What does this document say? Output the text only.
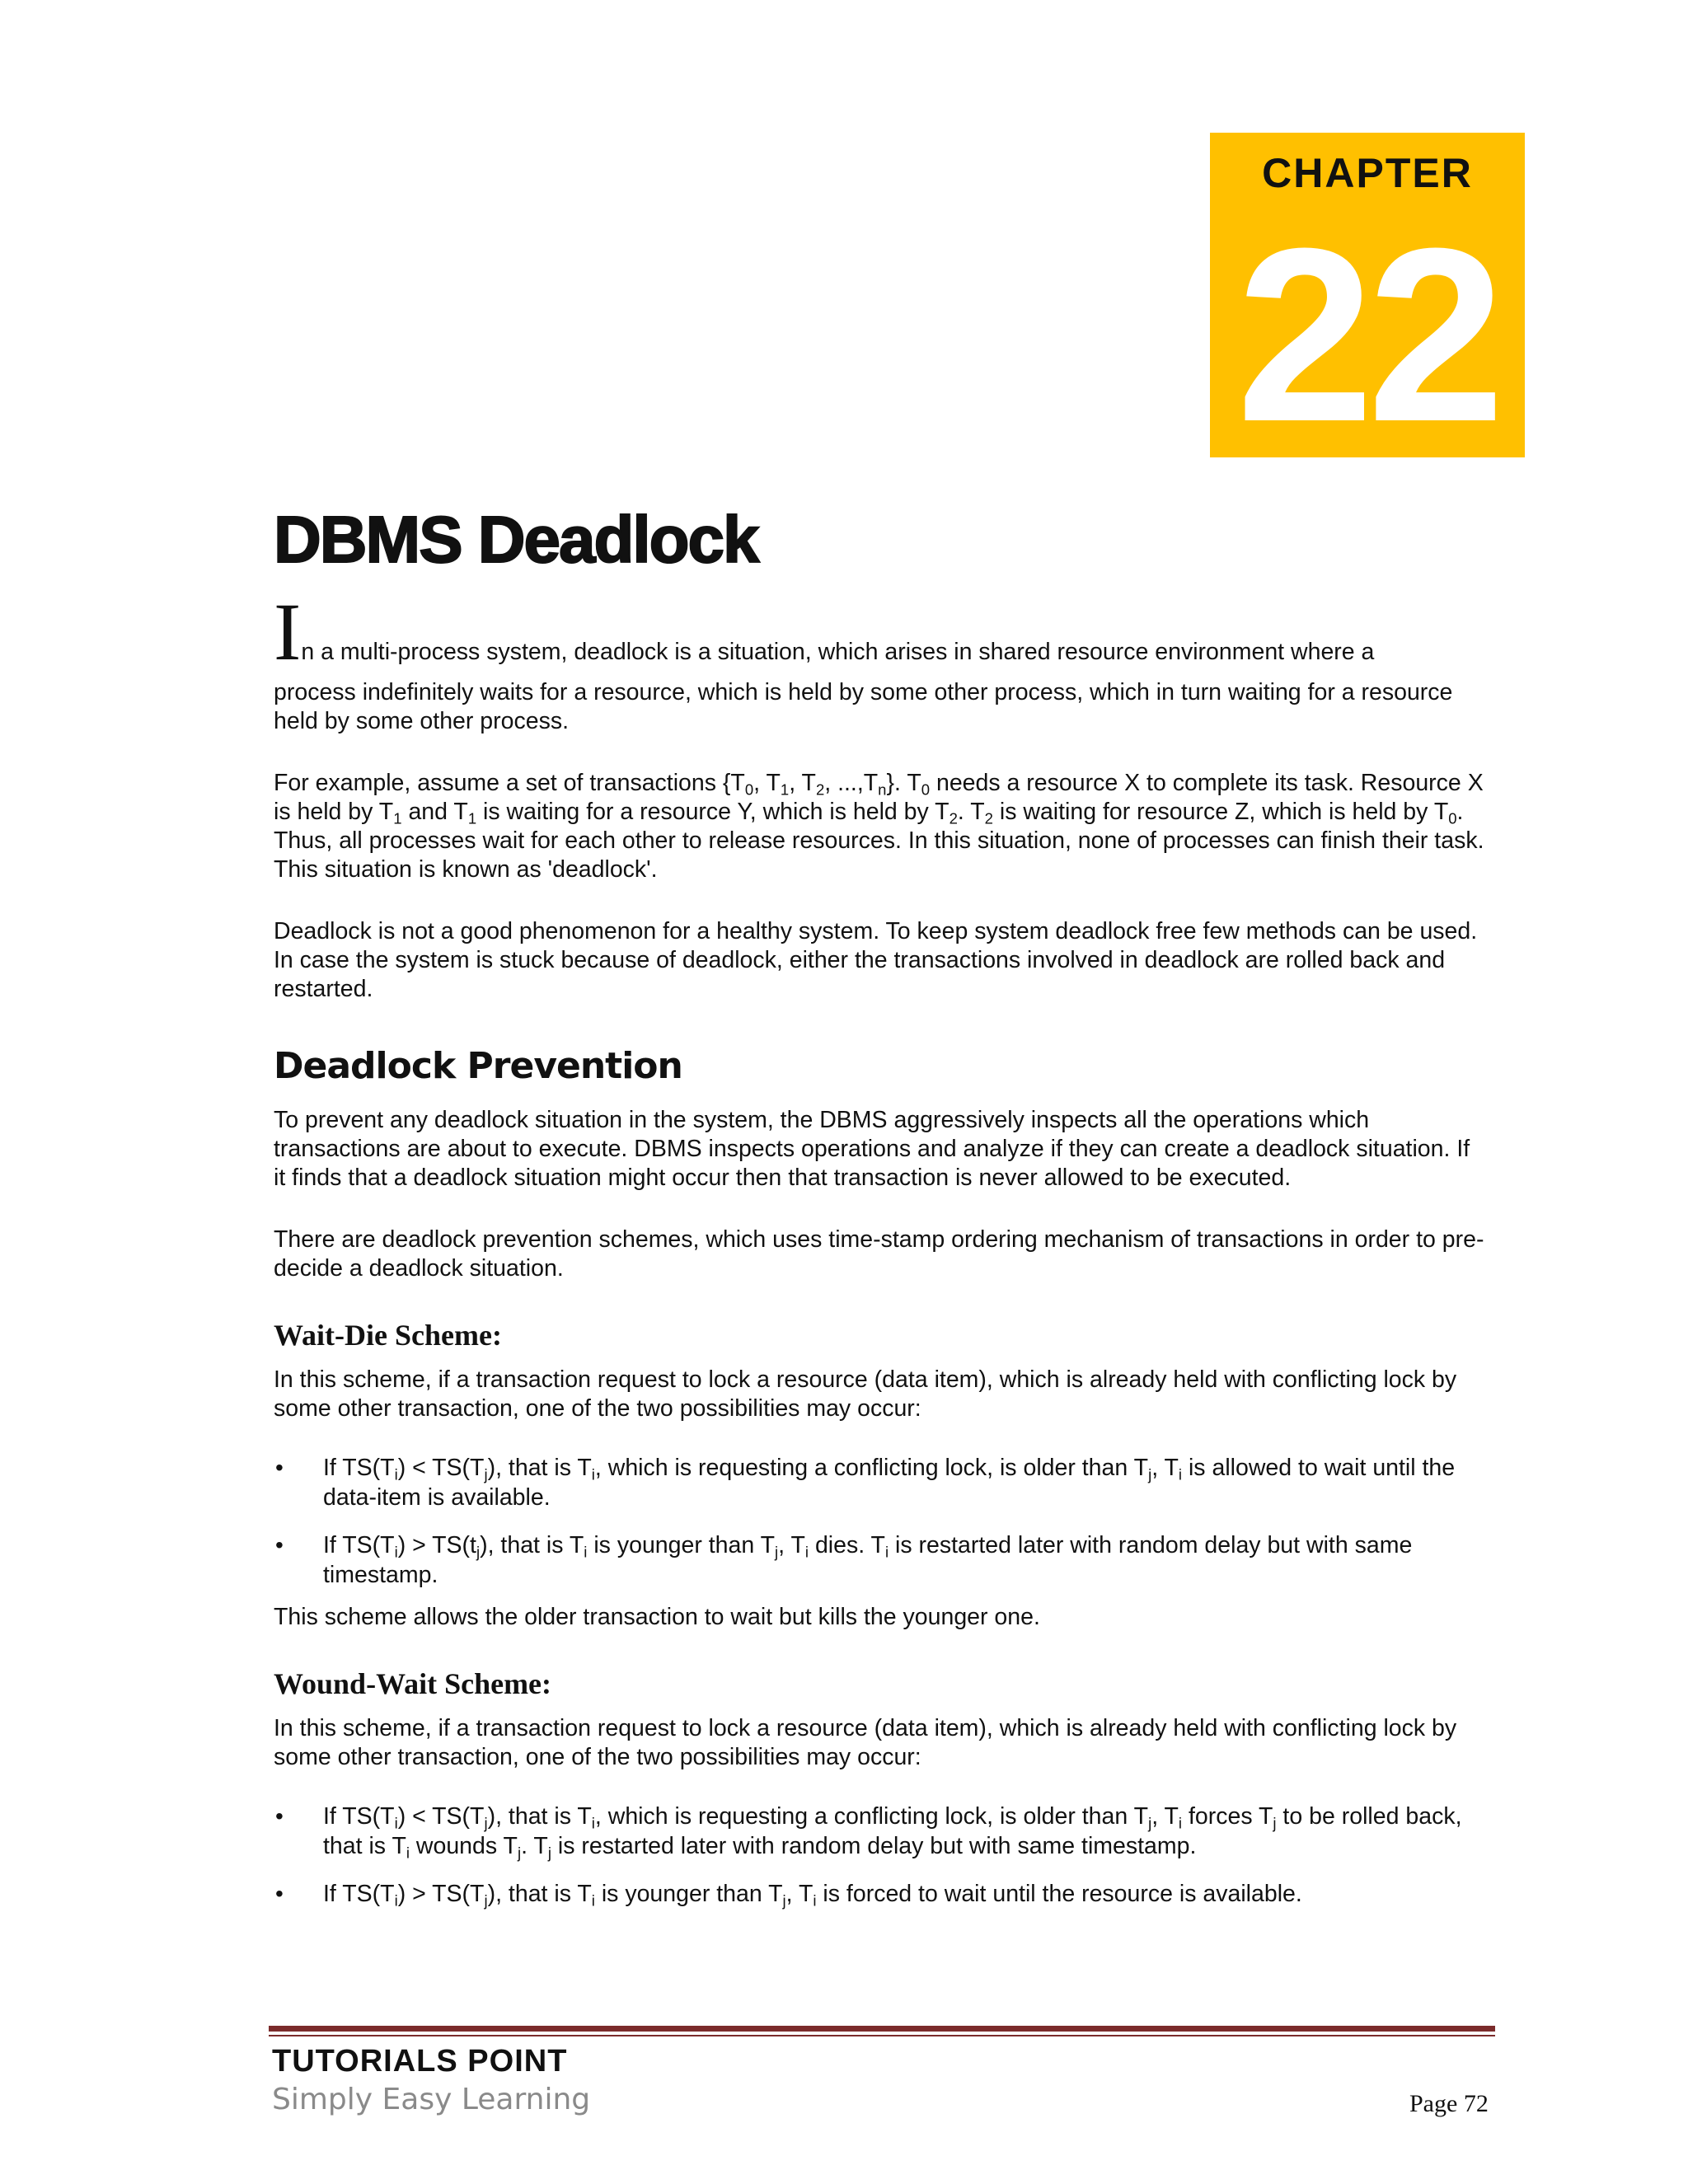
CHAPTER
22
DBMS Deadlock

In a multi-process system, deadlock is a situation, which arises in shared resource environment where a

process indefinitely waits for a resource, which is held by some other process, which in turn waiting for a resource held by some other process.

For example, assume a set of transactions {$T_0$, $T_1$, $T_2$, $...,T_n$}. $T_0$ needs a resource X to complete its task. Resource X is held by $T_1$ and $T_1$ is waiting for a resource Y, which is held by $T_2$. $T_2$ is waiting for resource Z, which is held by $T_0$. Thus, all processes wait for each other to release resources. In this situation, none of processes can finish their task. This situation is known as 'deadlock'.

Deadlock is not a good phenomenon for a healthy system. To keep system deadlock free few methods can be used. In case the system is stuck because of deadlock, either the transactions involved in deadlock are rolled back and restarted.

Deadlock Prevention

To prevent any deadlock situation in the system, the DBMS aggressively inspects all the operations which transactions are about to execute. DBMS inspects operations and analyze if they can create a deadlock situation. If it finds that a deadlock situation might occur then that transaction is never allowed to be executed.

There are deadlock prevention schemes, which uses time-stamp ordering mechanism of transactions in order to pre-decide a deadlock situation.

Wait-Die Scheme:

In this scheme, if a transaction request to lock a resource (data item), which is already held with conflicting lock by some other transaction, one of the two possibilities may occur:

• If $TS(T_i) < TS(T_j)$, that is $T_i$, which is requesting a conflicting lock, is older than $T_j$, $T_i$ is allowed to wait until the data-item is available.
• If $TS(T_i) > TS(t_j)$, that is $T_i$ is younger than $T_j$, $T_i$ dies. $T_i$ is restarted later with random delay but with same timestamp.

This scheme allows the older transaction to wait but kills the younger one.

Wound-Wait Scheme:

In this scheme, if a transaction request to lock a resource (data item), which is already held with conflicting lock by some other transaction, one of the two possibilities may occur:

• If $TS(T_i) < TS(T_j)$, that is $T_i$, which is requesting a conflicting lock, is older than $T_j$, $T_i$ forces $T_j$ to be rolled back, that is $T_i$ wounds $T_j$. $T_j$ is restarted later with random delay but with same timestamp.
• If $TS(T_i) > TS(T_j)$, that is $T_i$ is younger than $T_j$, $T_i$ is forced to wait until the resource is available.
TUTORIALS POINT
Simply Easy Learning	Page 72
